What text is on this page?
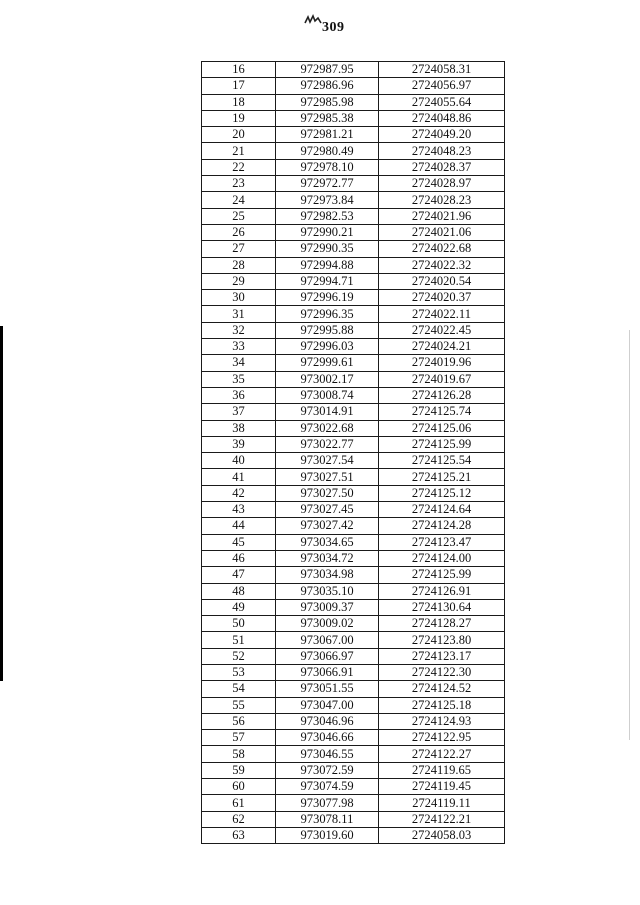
309
16	972987.95	2724058.31
17	972986.96	2724056.97
18	972985.98	2724055.64
19	972985.38	2724048.86
20	972981.21	2724049.20
21	972980.49	2724048.23
22	972978.10	2724028.37
23	972972.77	2724028.97
24	972973.84	2724028.23
25	972982.53	2724021.96
26	972990.21	2724021.06
27	972990.35	2724022.68
28	972994.88	2724022.32
29	972994.71	2724020.54
30	972996.19	2724020.37
31	972996.35	2724022.11
32	972995.88	2724022.45
33	972996.03	2724024.21
34	972999.61	2724019.96
35	973002.17	2724019.67
36	973008.74	2724126.28
37	973014.91	2724125.74
38	973022.68	2724125.06
39	973022.77	2724125.99
40	973027.54	2724125.54
41	973027.51	2724125.21
42	973027.50	2724125.12
43	973027.45	2724124.64
44	973027.42	2724124.28
45	973034.65	2724123.47
46	973034.72	2724124.00
47	973034.98	2724125.99
48	973035.10	2724126.91
49	973009.37	2724130.64
50	973009.02	2724128.27
51	973067.00	2724123.80
52	973066.97	2724123.17
53	973066.91	2724122.30
54	973051.55	2724124.52
55	973047.00	2724125.18
56	973046.96	2724124.93
57	973046.66	2724122.95
58	973046.55	2724122.27
59	973072.59	2724119.65
60	973074.59	2724119.45
61	973077.98	2724119.11
62	973078.11	2724122.21
63	973019.60	2724058.03
